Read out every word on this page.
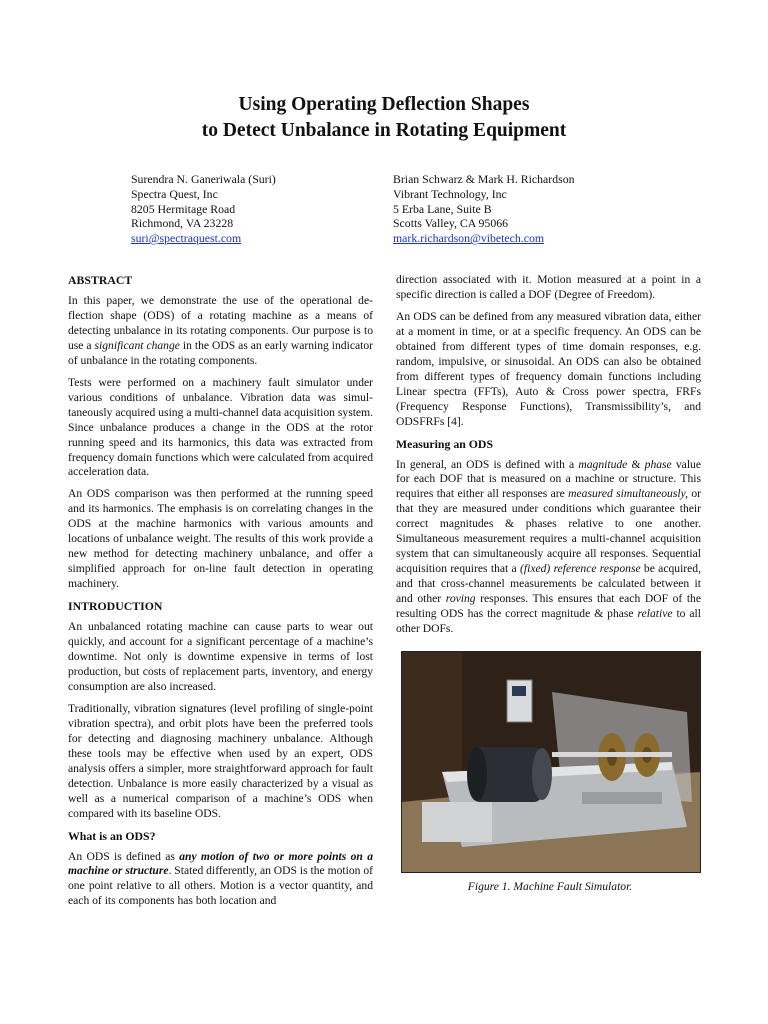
Using Operating Deflection Shapes
to Detect Unbalance in Rotating Equipment
Surendra N. Ganeriwala (Suri)
Spectra Quest, Inc
8205 Hermitage Road
Richmond, VA 23228
suri@spectraquest.com
Brian Schwarz & Mark H. Richardson
Vibrant Technology, Inc
5 Erba Lane, Suite B
Scotts Valley, CA 95066
mark.richardson@vibetech.com
ABSTRACT

In this paper, we demonstrate the use of the operational deflection shape (ODS) of a rotating machine as a means of detecting unbalance in its rotating components. Our purpose is to use a significant change in the ODS as an early warning indicator of unbalance in the rotating components.

Tests were performed on a machinery fault simulator under various conditions of unbalance. Vibration data was simultaneously acquired using a multi-channel data acquisition system. Since unbalance produces a change in the ODS at the rotor running speed and its harmonics, this data was extracted from frequency domain functions which were calculated from acquired acceleration data.

An ODS comparison was then performed at the running speed and its harmonics. The emphasis is on correlating changes in the ODS at the machine harmonics with various amounts and locations of unbalance weight. The results of this work provide a new method for detecting machinery unbalance, and offer a simplified approach for on-line fault detection in operating machinery.

INTRODUCTION

An unbalanced rotating machine can cause parts to wear out quickly, and account for a significant percentage of a machine’s downtime. Not only is downtime expensive in terms of lost production, but costs of replacement parts, inventory, and energy consumption are also increased.

Traditionally, vibration signatures (level profiling of single-point vibration spectra), and orbit plots have been the preferred tools for detecting and diagnosing machinery unbalance. Although these tools may be effective when used by an expert, ODS analysis offers a simpler, more straightforward approach for fault detection. Unbalance is more easily characterized by a visual as well as a numerical comparison of a machine’s ODS when compared with its baseline ODS.

What is an ODS?

An ODS is defined as any motion of two or more points on a machine or structure. Stated differently, an ODS is the motion of one point relative to all others. Motion is a vector quantity, and each of its components has both location and

direction associated with it. Motion measured at a point in a specific direction is called a DOF (Degree of Freedom).

An ODS can be defined from any measured vibration data, either at a moment in time, or at a specific frequency. An ODS can be obtained from different types of time domain responses, e.g. random, impulsive, or sinusoidal. An ODS can also be obtained from different types of frequency domain functions including Linear spectra (FFTs), Auto & Cross power spectra, FRFs (Frequency Response Functions), Transmissibility’s, and ODSFRFs [4].

Measuring an ODS

In general, an ODS is defined with a magnitude & phase value for each DOF that is measured on a machine or structure. This requires that either all responses are measured simultaneously, or that they are measured under conditions which guarantee their correct magnitudes & phases relative to one another. Simultaneous measurement requires a multi-channel acquisition system that can simultaneously acquire all responses. Sequential acquisition requires that a (fixed) reference response be acquired, and that cross-channel measurements be calculated between it and other roving responses. This ensures that each DOF of the resulting ODS has the correct magnitude & phase relative to all other DOFs.

Figure 1. Machine Fault Simulator.
